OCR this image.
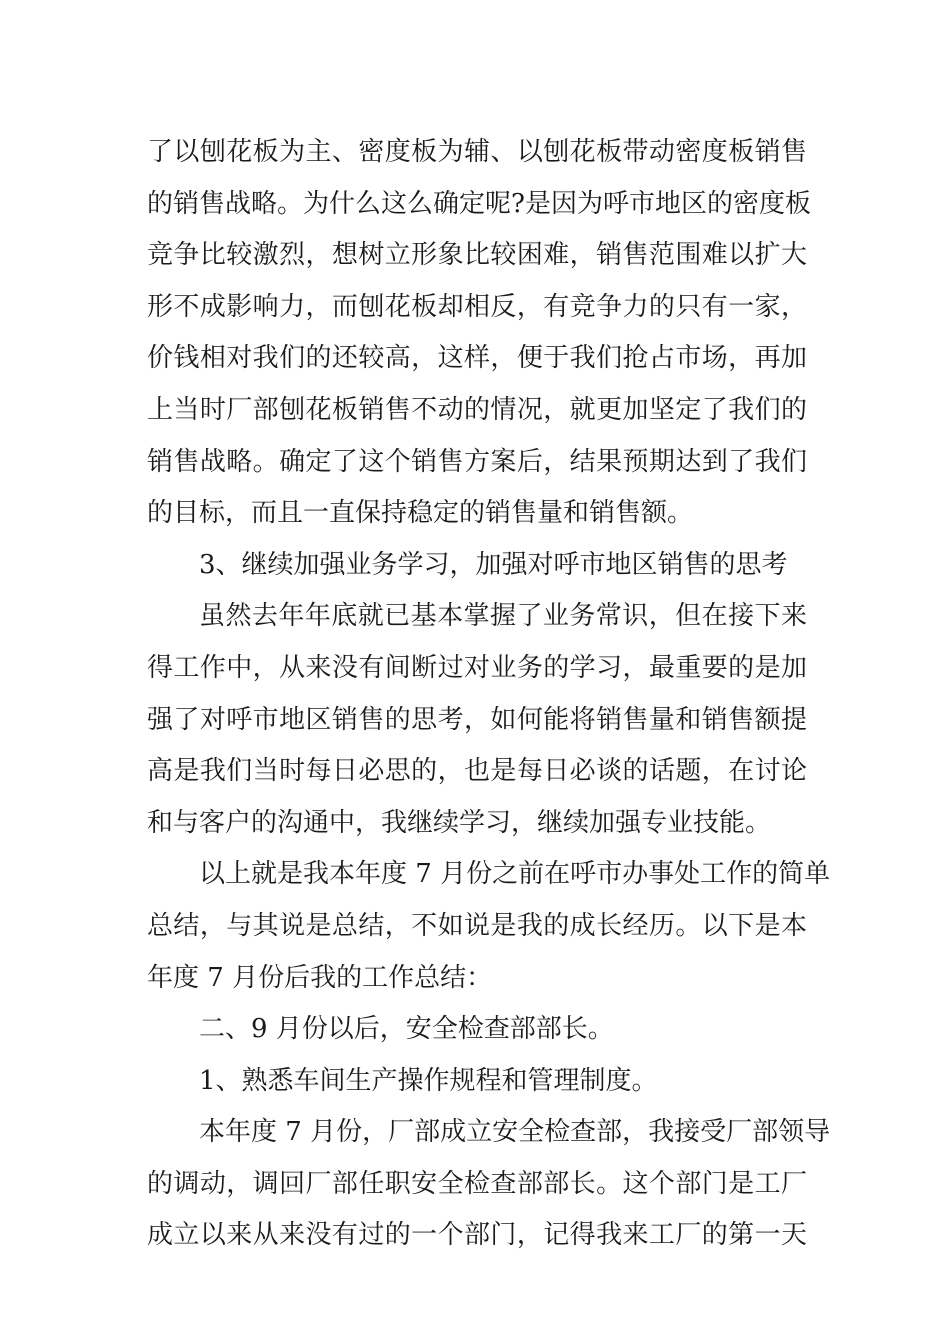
了以刨花板为主、密度板为辅、以刨花板带动密度板销售
的销售战略。为什么这么确定呢?是因为呼市地区的密度板
竞争比较激烈，想树立形象比较困难，销售范围难以扩大
形不成影响力，而刨花板却相反，有竞争力的只有一家，
价钱相对我们的还较高，这样，便于我们抢占市场，再加
上当时厂部刨花板销售不动的情况，就更加坚定了我们的
销售战略。确定了这个销售方案后，结果预期达到了我们
的目标，而且一直保持稳定的销售量和销售额。
3、继续加强业务学习，加强对呼市地区销售的思考
虽然去年年底就已基本掌握了业务常识，但在接下来
得工作中，从来没有间断过对业务的学习，最重要的是加
强了对呼市地区销售的思考，如何能将销售量和销售额提
高是我们当时每日必思的，也是每日必谈的话题，在讨论
和与客户的沟通中，我继续学习，继续加强专业技能。
以上就是我本年度 7 月份之前在呼市办事处工作的简单
总结，与其说是总结，不如说是我的成长经历。以下是本
年度 7 月份后我的工作总结：
二、9 月份以后，安全检查部部长。
1、熟悉车间生产操作规程和管理制度。
本年度 7 月份，厂部成立安全检查部，我接受厂部领导
的调动，调回厂部任职安全检查部部长。这个部门是工厂
成立以来从来没有过的一个部门，记得我来工厂的第一天
